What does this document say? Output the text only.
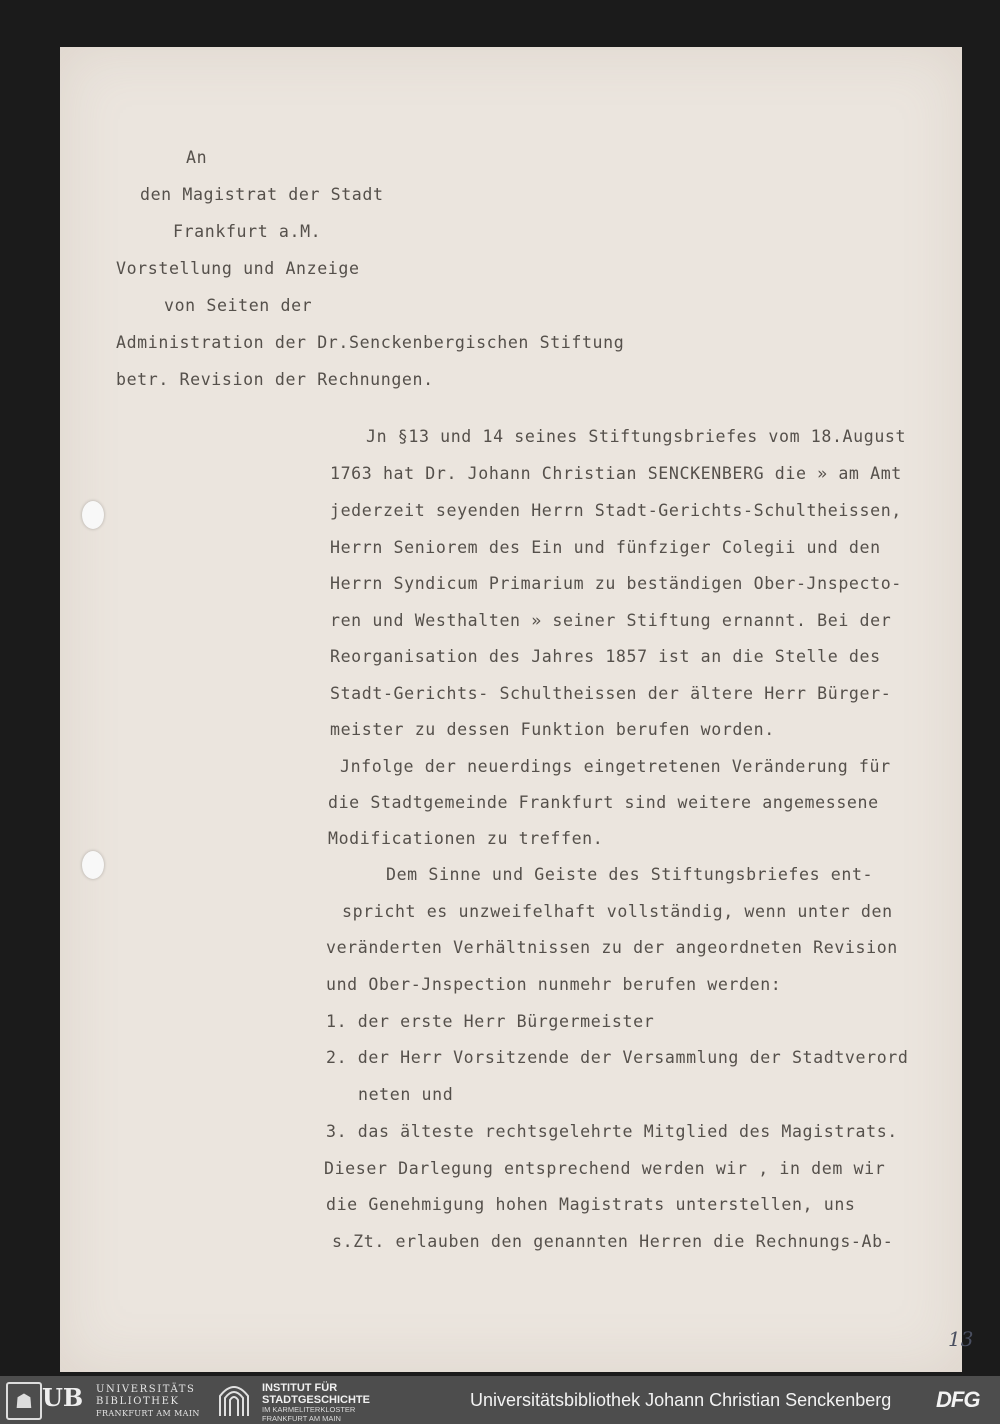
An
den Magistrat der Stadt
Frankfurt a.M.
Vorstellung und Anzeige
von Seiten der
Administration der Dr.Senckenbergischen Stiftung
betr. Revision der Rechnungen.
Jn §13 und 14 seines Stiftungsbriefes vom 18.August
1763 hat Dr. Johann Christian SENCKENBERG die » am Amt
jederzeit seyenden Herrn Stadt-Gerichts-Schultheissen,
Herrn Seniorem des Ein und fünfziger Colegii und den
Herrn Syndicum Primarium zu beständigen Ober-Jnspecto-
ren und Westhalten » seiner Stiftung ernannt. Bei der
Reorganisation des Jahres 1857 ist an die Stelle des
Stadt-Gerichts- Schultheissen der ältere Herr Bürger-
meister zu dessen Funktion berufen worden.
Jnfolge der neuerdings eingetretenen Veränderung für
die Stadtgemeinde Frankfurt sind weitere angemessene
Modificationen zu treffen.
Dem Sinne und Geiste des Stiftungsbriefes ent-
spricht es unzweifelhaft vollständig, wenn unter den
veränderten Verhältnissen zu der angeordneten Revision
und Ober-Jnspection nunmehr berufen werden:
1. der erste Herr Bürgermeister
2. der Herr Vorsitzende der Versammlung der Stadtverord
neten und
3. das älteste rechtsgelehrte Mitglied des Magistrats.
Dieser Darlegung entsprechend werden wir , in dem wir
die Genehmigung hohen Magistrats unterstellen, uns
s.Zt. erlauben den genannten Herren die Rechnungs-Ab-
13
☗ UB UNIVERSITÄTS
BIBLIOTHEK
FRANKFURT AM MAIN
INSTITUT FÜR
STADTGESCHICHTE
IM KARMELITERKLOSTER
FRANKFURT AM MAIN
Universitätsbibliothek Johann Christian Senckenberg DFG
